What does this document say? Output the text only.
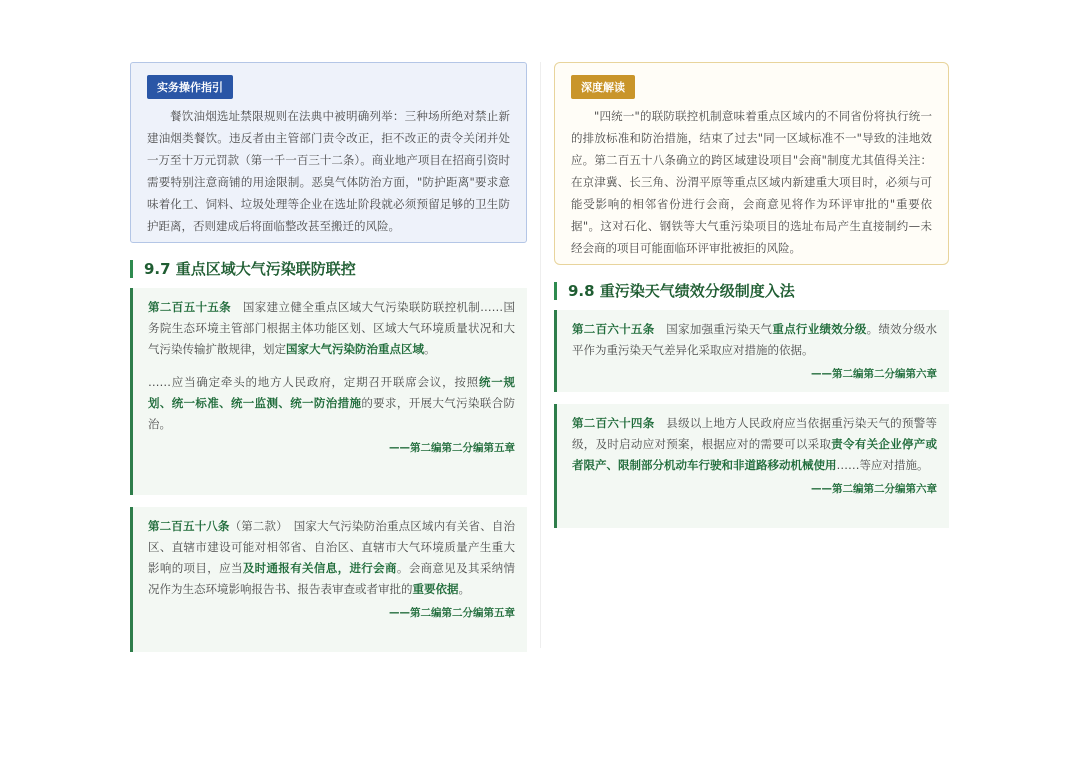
实务操作指引

餐饮油烟选址禁限规则在法典中被明确列举：三种场所绝对禁止新建油烟类餐饮。违反者由主管部门责令改正，拒不改正的责令关闭并处一万至十万元罚款（第一千一百三十二条）。商业地产项目在招商引资时需要特别注意商铺的用途限制。恶臭气体防治方面，"防护距离"要求意味着化工、饲料、垃圾处理等企业在选址阶段就必须预留足够的卫生防护距离，否则建成后将面临整改甚至搬迁的风险。

9.7 重点区域大气污染联防联控

第二百五十五条　 国家建立健全重点区域大气污染联防联控机制……国务院生态环境主管部门根据主体功能区划、区域大气环境质量状况和大气污染传输扩散规律，划定国家大气污染防治重点区域。

……应当确定牵头的地方人民政府，定期召开联席会议，按照统一规划、统一标准、统一监测、统一防治措施的要求，开展大气污染联合防治。

——第二编第二分编第五章

第二百五十八条（第二款）　 国家大气污染防治重点区域内有关省、自治区、直辖市建设可能对相邻省、自治区、直辖市大气环境质量产生重大影响的项目，应当及时通报有关信息，进行会商。会商意见及其采纳情况作为生态环境影响报告书、报告表审查或者审批的重要依据。

——第二编第二分编第五章
深度解读

"四统一"的联防联控机制意味着重点区域内的不同省份将执行统一的排放标准和防治措施，结束了过去"同一区域标准不一"导致的洼地效应。第二百五十八条确立的跨区域建设项目"会商"制度尤其值得关注：在京津冀、长三角、汾渭平原等重点区域内新建重大项目时，必须与可能受影响的相邻省份进行会商，会商意见将作为环评审批的"重要依据"。这对石化、钢铁等大气重污染项目的选址布局产生直接制约—未经会商的项目可能面临环评审批被拒的风险。

9.8 重污染天气绩效分级制度入法

第二百六十五条　 国家加强重污染天气重点行业绩效分级。绩效分级水平作为重污染天气差异化采取应对措施的依据。

——第二编第二分编第六章

第二百六十四条　 县级以上地方人民政府应当依据重污染天气的预警等级，及时启动应对预案，根据应对的需要可以采取责令有关企业停产或者限产、限制部分机动车行驶和非道路移动机械使用……等应对措施。

——第二编第二分编第六章
